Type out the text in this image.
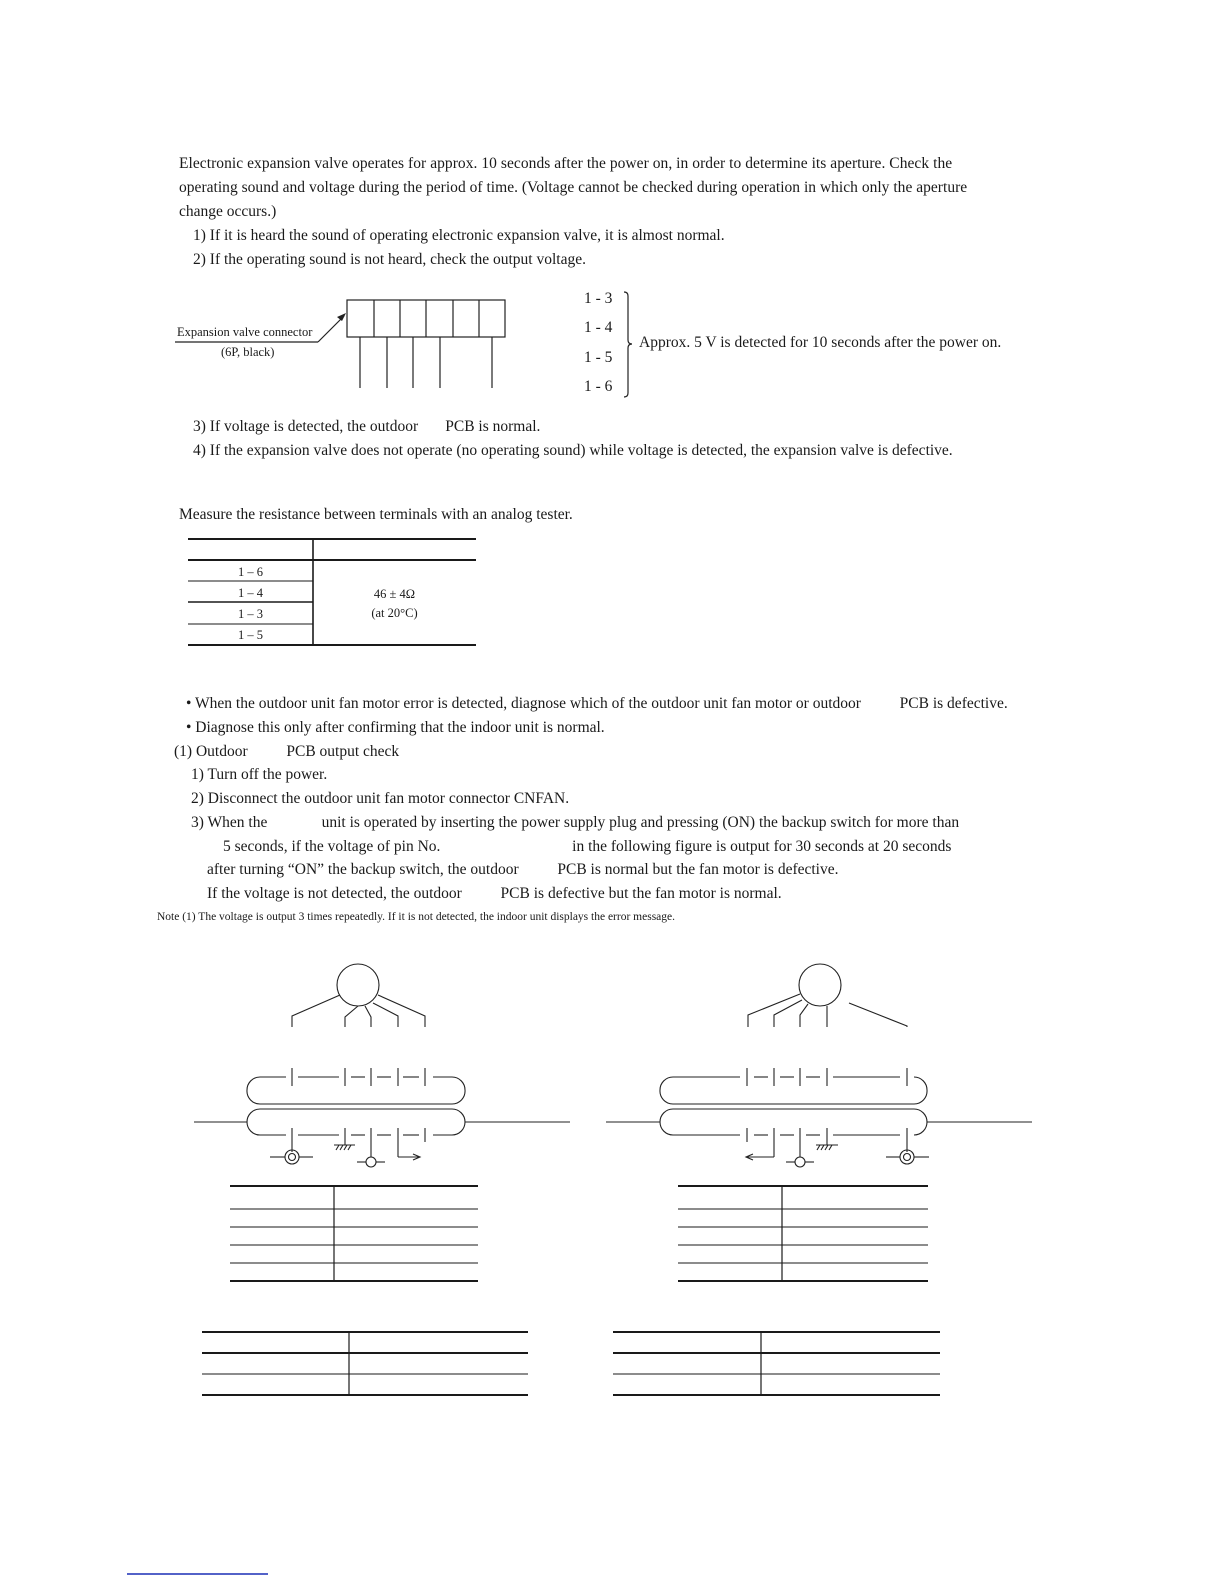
Electronic expansion valve operates for approx. 10 seconds after the power on, in order to determine its aperture. Check the
operating sound and voltage during the period of time. (Voltage cannot be checked during operation in which only the aperture
change occurs.)
1) If it is heard the sound of operating electronic expansion valve, it is almost normal.
2) If the operating sound is not heard, check the output voltage.
Expansion valve connector
(6P, black)
1 - 3
1 - 4
1 - 5
1 - 6
Approx. 5 V is detected for 10 seconds after the power on.
3) If voltage is detected, the outdoor       PCB is normal.
4) If the expansion valve does not operate (no operating sound) while voltage is detected, the expansion valve is defective.
Measure the resistance between terminals with an analog tester.
1 – 6
1 – 4
1 – 3
1 – 5
46 ± 4Ω
(at 20°C)
• When the outdoor unit fan motor error is detected, diagnose which of the outdoor unit fan motor or outdoor          PCB is defective.
• Diagnose this only after confirming that the indoor unit is normal.
(1) Outdoor          PCB output check
1) Turn off the power.
2) Disconnect the outdoor unit fan motor connector CNFAN.
3) When the              unit is operated by inserting the power supply plug and pressing (ON) the backup switch for more than
5 seconds, if the voltage of pin No.                                  in the following figure is output for 30 seconds at 20 seconds
after turning “ON” the backup switch, the outdoor          PCB is normal but the fan motor is defective.
If the voltage is not detected, the outdoor          PCB is defective but the fan motor is normal.
Note (1) The voltage is output 3 times repeatedly. If it is not detected, the indoor unit displays the error message.
